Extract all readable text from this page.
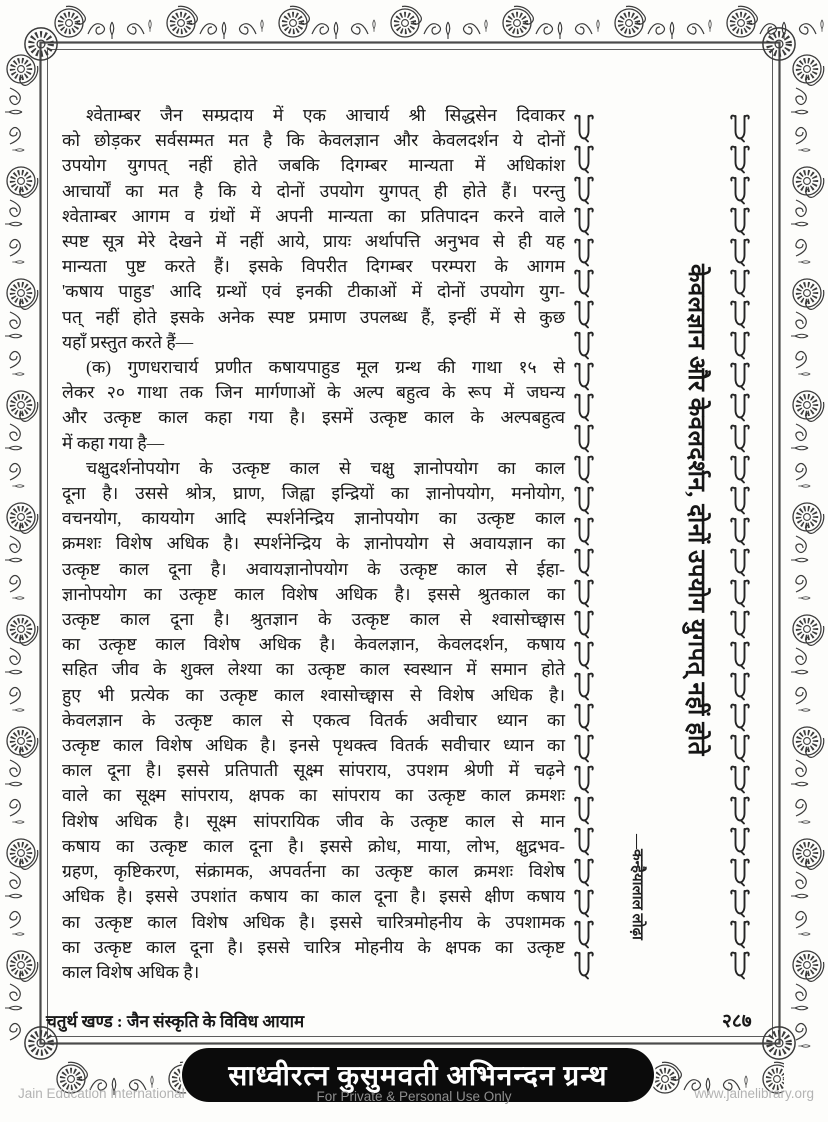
श्वेताम्बर जैन सम्प्रदाय में एक आचार्य श्री सिद्धसेन दिवाकर
को छोड़कर सर्वसम्मत मत है कि केवलज्ञान और केवलदर्शन ये दोनों
उपयोग युगपत् नहीं होते जबकि दिगम्बर मान्यता में अधिकांश
आचार्यों का मत है कि ये दोनों उपयोग युगपत् ही होते हैं। परन्तु
श्वेताम्बर आगम व ग्रंथों में अपनी मान्यता का प्रतिपादन करने वाले
स्पष्ट सूत्र मेरे देखने में नहीं आये, प्रायः अर्थापत्ति अनुभव से ही यह
मान्यता पुष्ट करते हैं। इसके विपरीत दिगम्बर परम्परा के आगम
'कषाय पाहुड' आदि ग्रन्थों एवं इनकी टीकाओं में दोनों उपयोग युग-
पत् नहीं होते इसके अनेक स्पष्ट प्रमाण उपलब्ध हैं, इन्हीं में से कुछ
यहाँ प्रस्तुत करते हैं—
(क) गुणधराचार्य प्रणीत कषायपाहुड मूल ग्रन्थ की गाथा १५ से
लेकर २० गाथा तक जिन मार्गणाओं के अल्प बहुत्व के रूप में जघन्य
और उत्कृष्ट काल कहा गया है। इसमें उत्कृष्ट काल के अल्पबहुत्व
में कहा गया है—
चक्षुदर्शनोपयोग के उत्कृष्ट काल से चक्षु ज्ञानोपयोग का काल
दूना है। उससे श्रोत्र, घ्राण, जिह्वा इन्द्रियों का ज्ञानोपयोग, मनोयोग,
वचनयोग, काययोग आदि स्पर्शनेन्द्रिय ज्ञानोपयोग का उत्कृष्ट काल
क्रमशः विशेष अधिक है। स्पर्शनेन्द्रिय के ज्ञानोपयोग से अवायज्ञान का
उत्कृष्ट काल दूना है। अवायज्ञानोपयोग के उत्कृष्ट काल से ईहा-
ज्ञानोपयोग का उत्कृष्ट काल विशेष अधिक है। इससे श्रुतकाल का
उत्कृष्ट काल दूना है। श्रुतज्ञान के उत्कृष्ट काल से श्वासोच्छ्वास
का उत्कृष्ट काल विशेष अधिक है। केवलज्ञान, केवलदर्शन, कषाय
सहित जीव के शुक्ल लेश्या का उत्कृष्ट काल स्वस्थान में समान होते
हुए भी प्रत्येक का उत्कृष्ट काल श्वासोच्छ्वास से विशेष अधिक है।
केवलज्ञान के उत्कृष्ट काल से एकत्व वितर्क अवीचार ध्यान का
उत्कृष्ट काल विशेष अधिक है। इनसे पृथक्त्व वितर्क सवीचार ध्यान का
काल दूना है। इससे प्रतिपाती सूक्ष्म सांपराय, उपशम श्रेणी में चढ़ने
वाले का सूक्ष्म सांपराय, क्षपक का सांपराय का उत्कृष्ट काल क्रमशः
विशेष अधिक है। सूक्ष्म सांपरायिक जीव के उत्कृष्ट काल से मान
कषाय का उत्कृष्ट काल दूना है। इससे क्रोध, माया, लोभ, क्षुद्रभव-
ग्रहण, कृष्टिकरण, संक्रामक, अपवर्तना का उत्कृष्ट काल क्रमशः विशेष
अधिक है। इससे उपशांत कषाय का काल दूना है। इससे क्षीण कषाय
का उत्कृष्ट काल विशेष अधिक है। इससे चारित्रमोहनीय के उपशामक
का उत्कृष्ट काल दूना है। इससे चारित्र मोहनीय के क्षपक का उत्कृष्ट
काल विशेष अधिक है।
केवलज्ञान और केवलदर्शन, दोनों उपयोग युगपत् नहीं होते
—कन्हैयालाल लोढ़ा
चतुर्थ खण्ड : जैन संस्कृति के विविध आयाम	२८७
साध्वीरत्न कुसुमवती अभिनन्दन ग्रन्थ
Jain Education International	For Private & Personal Use Only	www.jainelibrary.org
